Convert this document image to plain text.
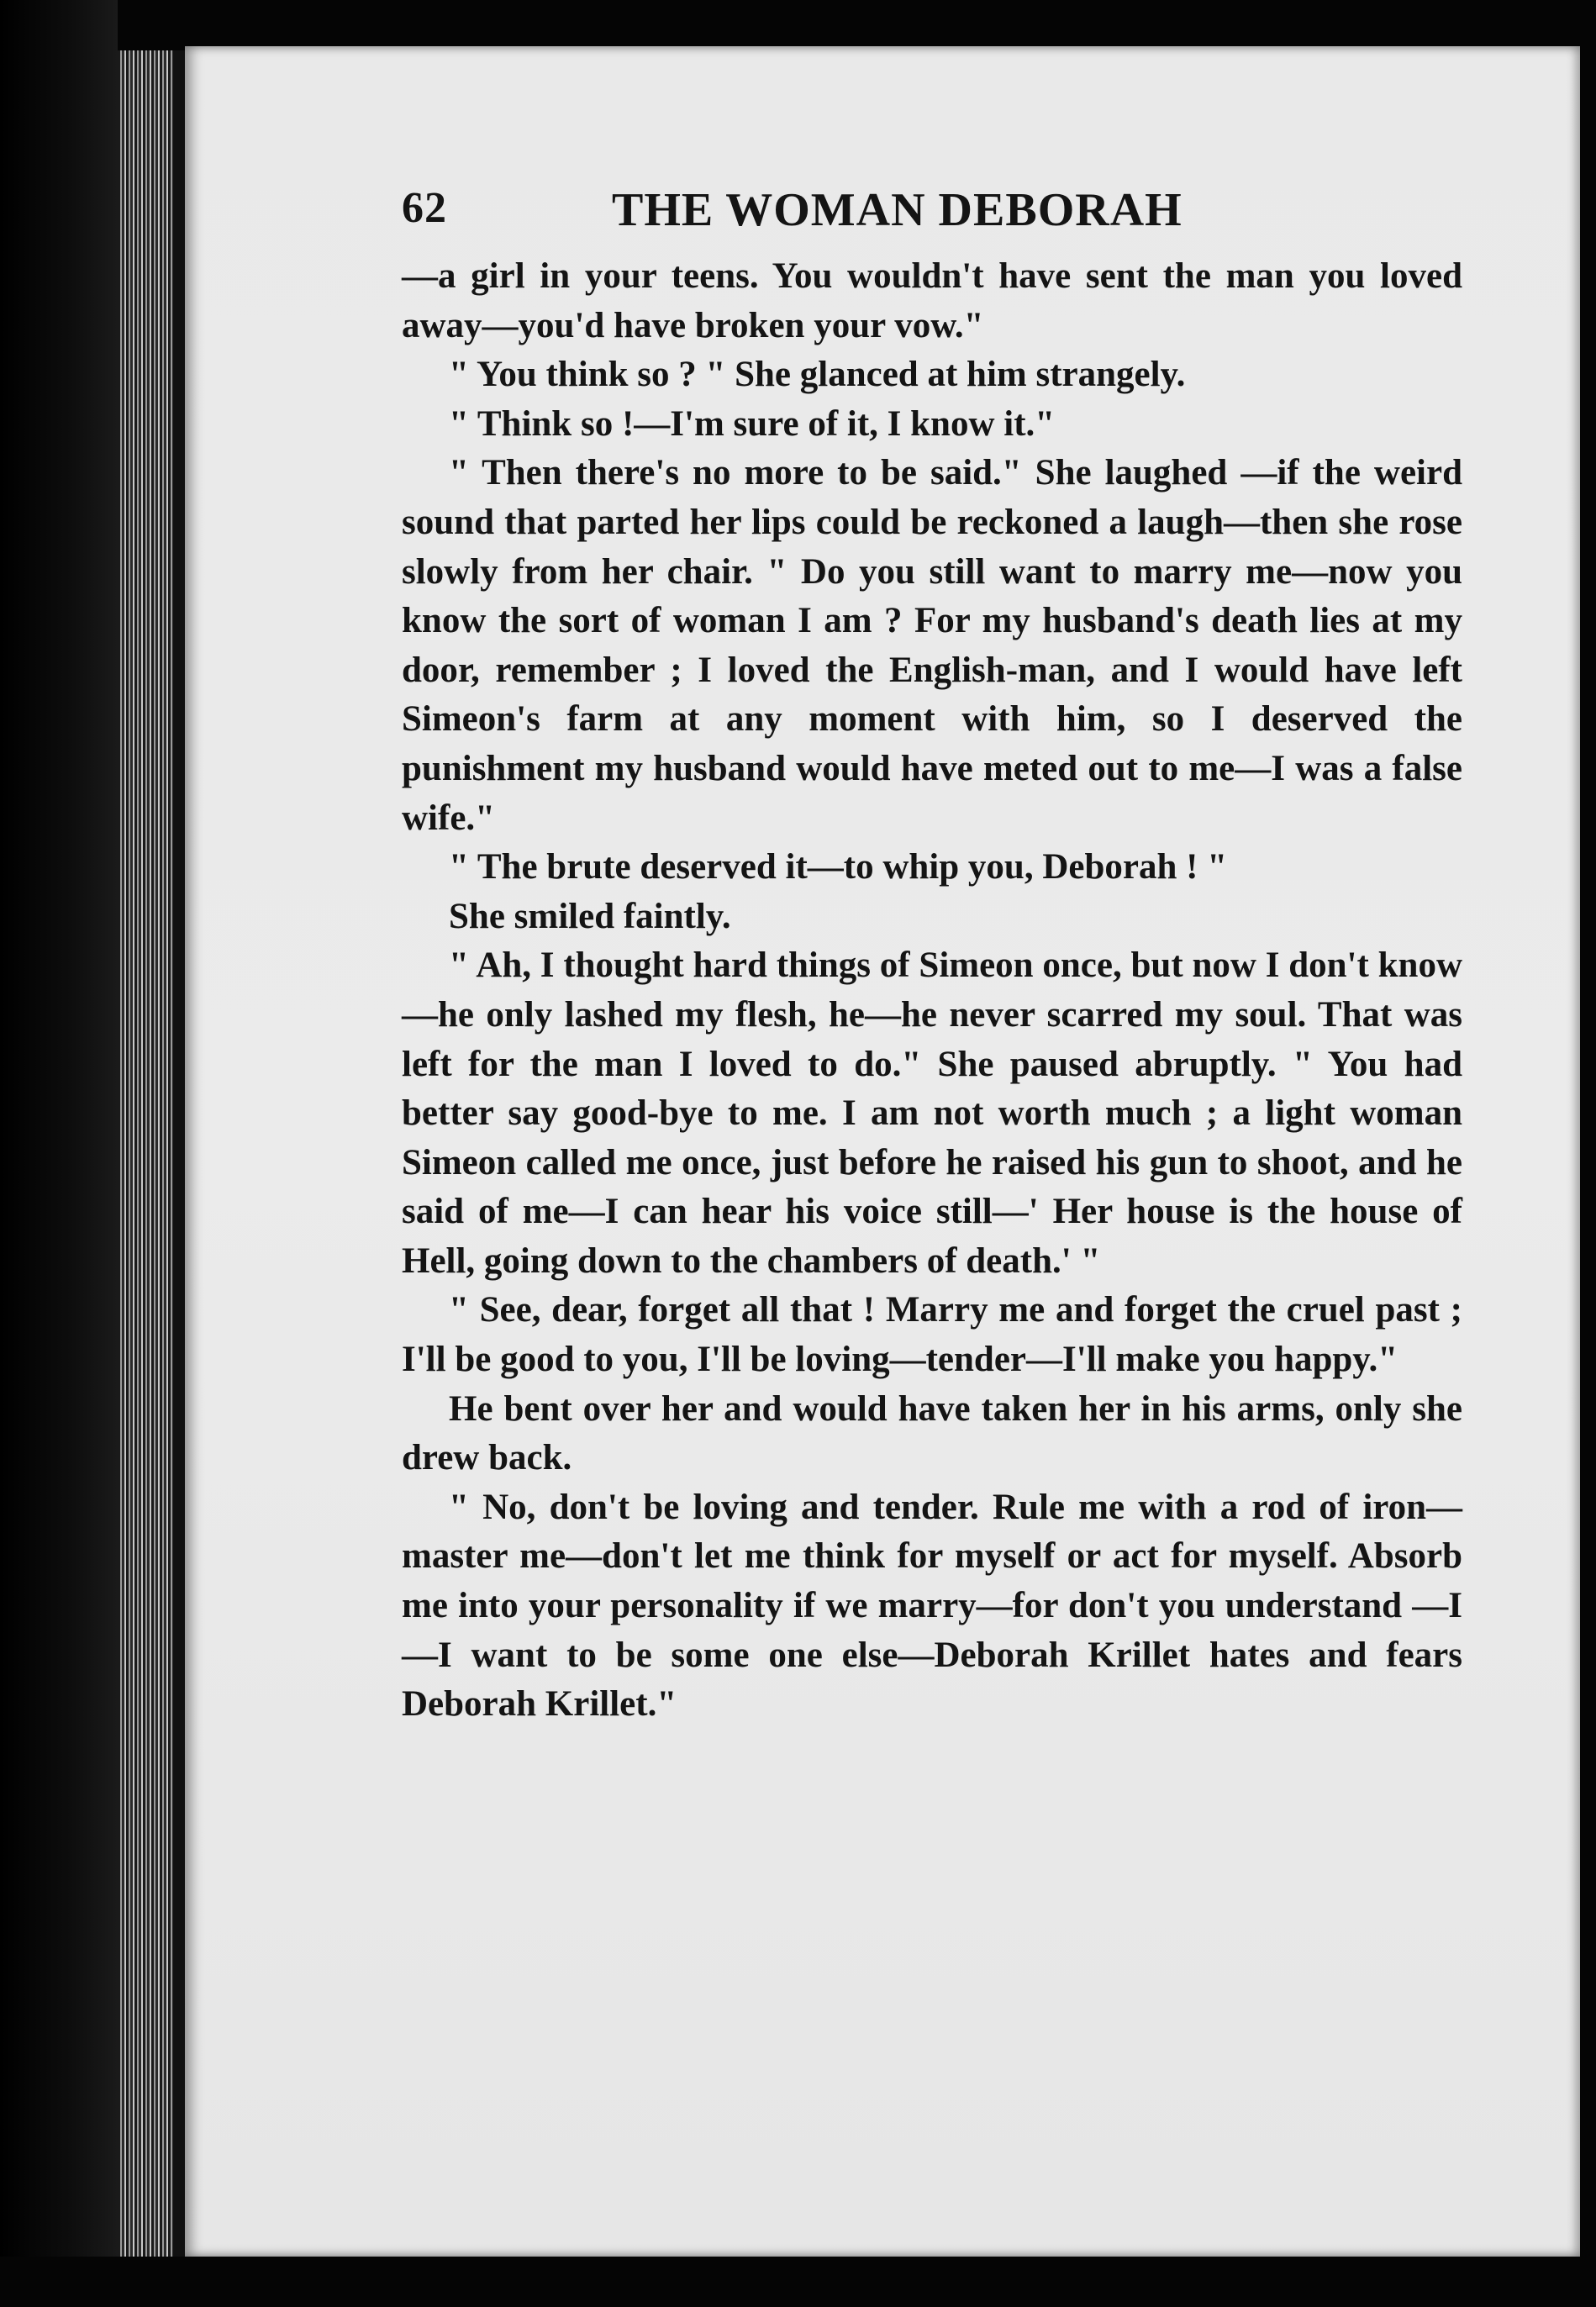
62	THE WOMAN DEBORAH

—a girl in your teens. You wouldn't have sent the man you loved away—you'd have broken your vow."

" You think so ? " She glanced at him strangely.

" Think so !—I'm sure of it, I know it."

" Then there's no more to be said." She laughed —if the weird sound that parted her lips could be reckoned a laugh—then she rose slowly from her chair. " Do you still want to marry me—now you know the sort of woman I am ? For my husband's death lies at my door, remember ; I loved the English-man, and I would have left Simeon's farm at any moment with him, so I deserved the punishment my husband would have meted out to me—I was a false wife."

" The brute deserved it—to whip you, Deborah ! "

She smiled faintly.

" Ah, I thought hard things of Simeon once, but now I don't know—he only lashed my flesh, he—he never scarred my soul. That was left for the man I loved to do." She paused abruptly. " You had better say good-bye to me. I am not worth much ; a light woman Simeon called me once, just before he raised his gun to shoot, and he said of me—I can hear his voice still—' Her house is the house of Hell, going down to the chambers of death.' "

" See, dear, forget all that ! Marry me and forget the cruel past ; I'll be good to you, I'll be loving—tender—I'll make you happy."

He bent over her and would have taken her in his arms, only she drew back.

" No, don't be loving and tender. Rule me with a rod of iron—master me—don't let me think for myself or act for myself. Absorb me into your personality if we marry—for don't you understand —I—I want to be some one else—Deborah Krillet hates and fears Deborah Krillet."
